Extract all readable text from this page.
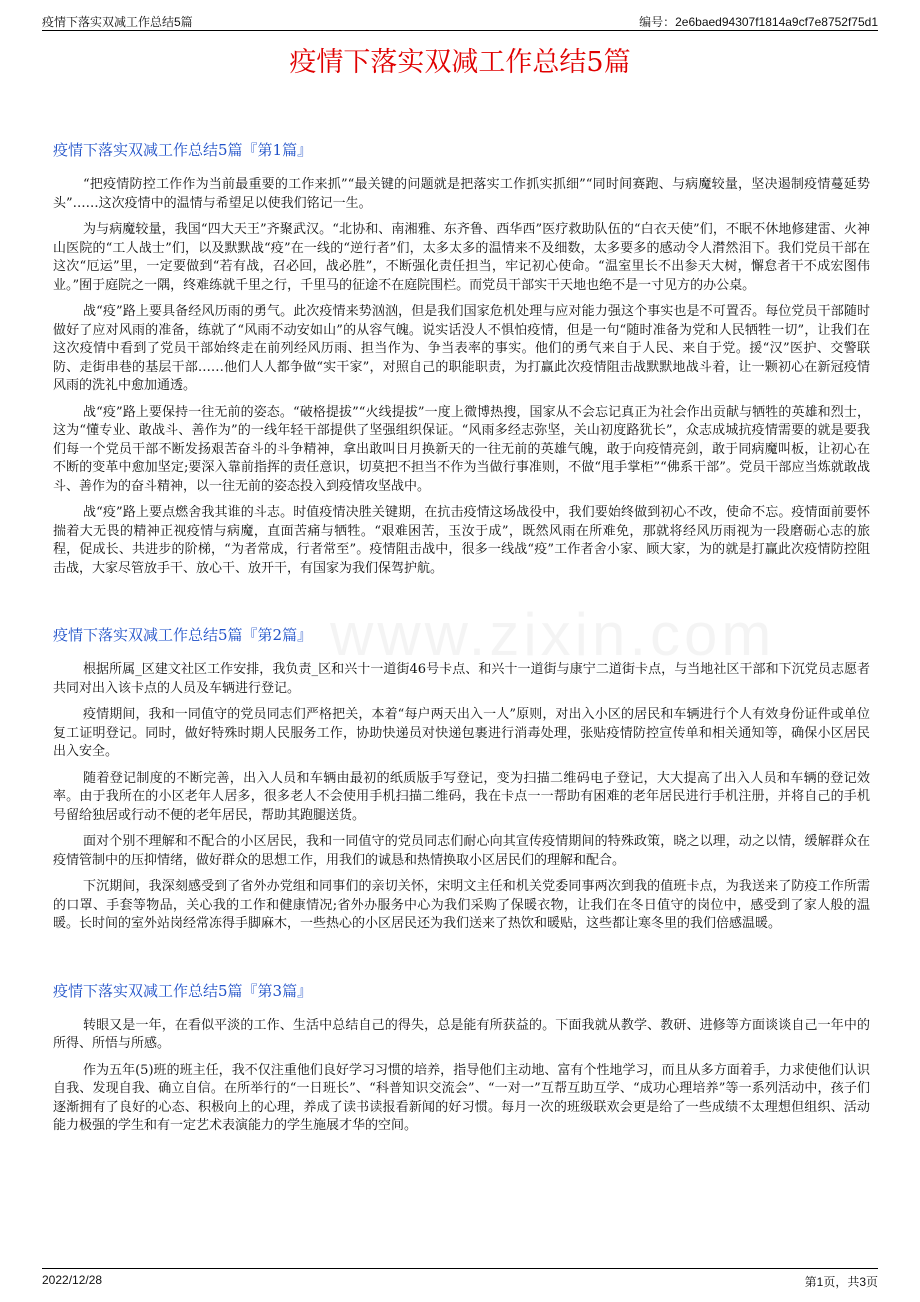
疫情下落实双减工作总结5篇	编号：2e6baed94307f1814a9cf7e8752f75d1
疫情下落实双减工作总结5篇
疫情下落实双减工作总结5篇『第1篇』

“把疫情防控工作作为当前最重要的工作来抓”“最关键的问题就是把落实工作抓实抓细”“同时间赛跑、与病魔较量，坚决遏制疫情蔓延势头”……这次疫情中的温情与希望足以使我们铭记一生。

为与病魔较量，我国“四大天王”齐聚武汉。“北协和、南湘雅、东齐鲁、西华西”医疗救助队伍的“白衣天使”们，不眠不休地修建雷、火神山医院的“工人战士”们，以及默默战“疫”在一线的“逆行者”们，太多太多的温情来不及细数，太多要多的感动令人潸然泪下。我们党员干部在这次“厄运”里，一定要做到“若有战，召必回，战必胜”，不断强化责任担当，牢记初心使命。“温室里长不出参天大树，懈怠者干不成宏图伟业。”囿于庭院之一隅，终难练就千里之行，千里马的征途不在庭院围栏。而党员干部实干天地也绝不是一寸见方的办公桌。

战“疫”路上要具备经风历雨的勇气。此次疫情来势汹汹，但是我们国家危机处理与应对能力强这个事实也是不可置否。每位党员干部随时做好了应对风雨的准备，练就了“风雨不动安如山”的从容气魄。说实话没人不惧怕疫情，但是一句“随时准备为党和人民牺牲一切”，让我们在这次疫情中看到了党员干部始终走在前列经风历雨、担当作为、争当表率的事实。他们的勇气来自于人民、来自于党。援“汉”医护、交警联防、走街串巷的基层干部……他们人人都争做“实干家”，对照自己的职能职责，为打赢此次疫情阻击战默默地战斗着，让一颗初心在新冠疫情风雨的洗礼中愈加通透。

战“疫”路上要保持一往无前的姿态。“破格提拔”“火线提拔”一度上微博热搜，国家从不会忘记真正为社会作出贡献与牺牲的英雄和烈士，这为“懂专业、敢战斗、善作为”的一线年轻干部提供了坚强组织保证。“风雨多经志弥坚，关山初度路犹长”，众志成城抗疫情需要的就是要我们每一个党员干部不断发扬艰苦奋斗的斗争精神，拿出敢叫日月换新天的一往无前的英雄气魄，敢于向疫情亮剑，敢于同病魔叫板，让初心在不断的变革中愈加坚定;要深入靠前指挥的责任意识，切莫把不担当不作为当做行事准则，不做“甩手掌柜”“佛系干部”。党员干部应当炼就敢战斗、善作为的奋斗精神，以一往无前的姿态投入到疫情攻坚战中。

战“疫”路上要点燃舍我其谁的斗志。时值疫情决胜关键期，在抗击疫情这场战役中，我们要始终做到初心不改，使命不忘。疫情面前要怀揣着大无畏的精神正视疫情与病魔，直面苦痛与牺牲。“艰难困苦，玉汝于成”，既然风雨在所难免，那就将经风历雨视为一段磨砺心志的旅程，促成长、共进步的阶梯，“为者常成，行者常至”。疫情阻击战中，很多一线战“疫”工作者舍小家、顾大家，为的就是打赢此次疫情防控阻击战，大家尽管放手干、放心干、放开干，有国家为我们保驾护航。

疫情下落实双减工作总结5篇『第2篇』

根据所属_区建文社区工作安排，我负责_区和兴十一道街46号卡点、和兴十一道街与康宁二道街卡点，与当地社区干部和下沉党员志愿者共同对出入该卡点的人员及车辆进行登记。

疫情期间，我和一同值守的党员同志们严格把关，本着“每户两天出入一人”原则，对出入小区的居民和车辆进行个人有效身份证件或单位复工证明登记。同时，做好特殊时期人民服务工作，协助快递员对快递包裹进行消毒处理，张贴疫情防控宣传单和相关通知等，确保小区居民出入安全。

随着登记制度的不断完善，出入人员和车辆由最初的纸质版手写登记，变为扫描二维码电子登记，大大提高了出入人员和车辆的登记效率。由于我所在的小区老年人居多，很多老人不会使用手机扫描二维码，我在卡点一一帮助有困难的老年居民进行手机注册，并将自己的手机号留给独居或行动不便的老年居民，帮助其跑腿送货。

面对个别不理解和不配合的小区居民，我和一同值守的党员同志们耐心向其宣传疫情期间的特殊政策，晓之以理，动之以情，缓解群众在疫情管制中的压抑情绪，做好群众的思想工作，用我们的诚恳和热情换取小区居民们的理解和配合。

下沉期间，我深刻感受到了省外办党组和同事们的亲切关怀，宋明文主任和机关党委同事两次到我的值班卡点，为我送来了防疫工作所需的口罩、手套等物品，关心我的工作和健康情况;省外办服务中心为我们采购了保暖衣物，让我们在冬日值守的岗位中，感受到了家人般的温暖。长时间的室外站岗经常冻得手脚麻木，一些热心的小区居民还为我们送来了热饮和暖贴，这些都让寒冬里的我们倍感温暖。

疫情下落实双减工作总结5篇『第3篇』

转眼又是一年，在看似平淡的工作、生活中总结自己的得失，总是能有所获益的。下面我就从教学、教研、进修等方面谈谈自己一年中的所得、所悟与所感。

作为五年(5)班的班主任，我不仅注重他们良好学习习惯的培养，指导他们主动地、富有个性地学习，而且从多方面着手，力求使他们认识自我、发现自我、确立自信。在所举行的“一日班长”、“科普知识交流会”、“一对一”互帮互助互学、“成功心理培养”等一系列活动中，孩子们逐渐拥有了良好的心态、积极向上的心理，养成了读书读报看新闻的好习惯。每月一次的班级联欢会更是给了一些成绩不太理想但组织、活动能力极强的学生和有一定艺术表演能力的学生施展才华的空间。

2022/12/28	第1页，共3页
